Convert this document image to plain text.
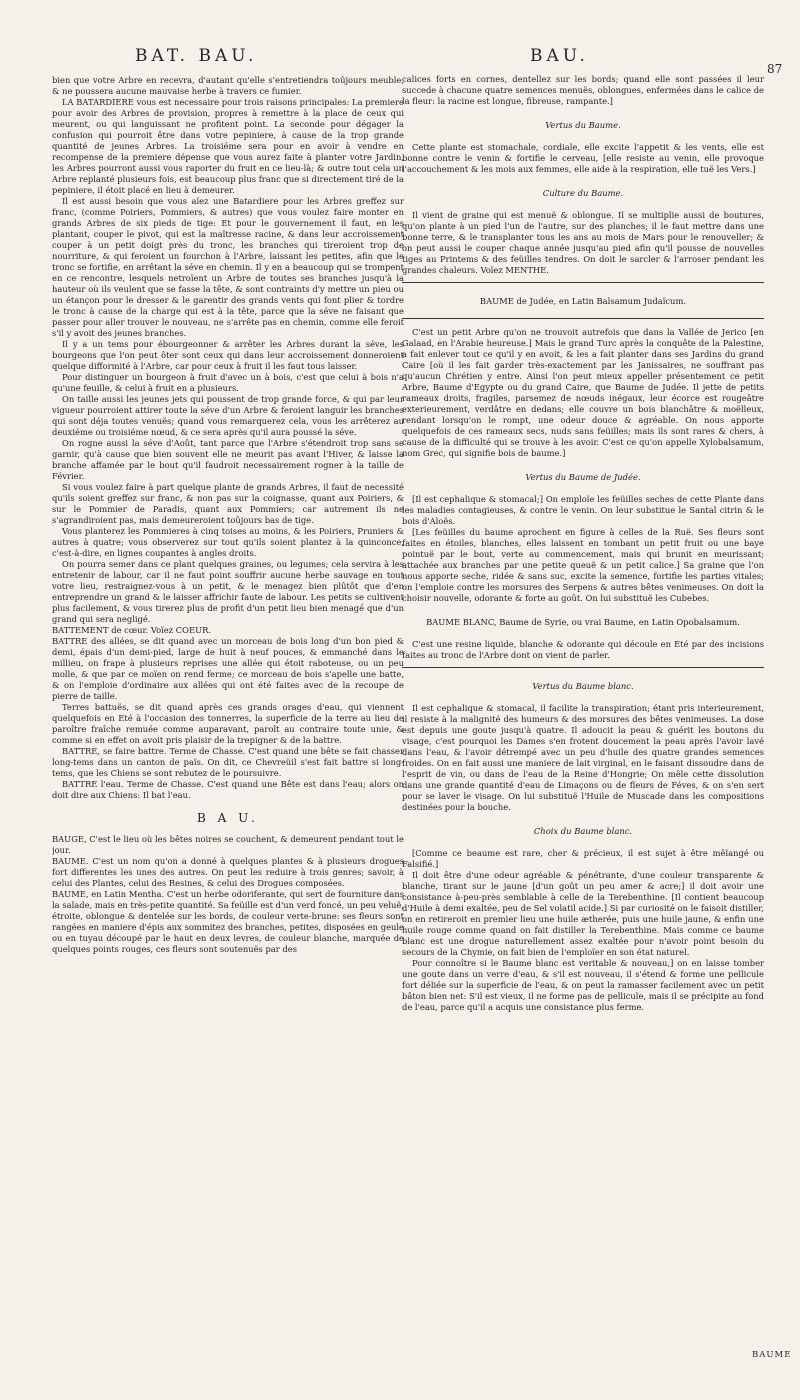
BAT. BAU.	BAU.
87

bien que votre Arbre en recevra, d'autant qu'elle s'entretiendra toûjours meuble, & ne poussera aucune mauvaise herbe à travers ce fumier.

LA BATARDIERE vous est necessaire pour trois raisons principales: La premiere pour avoir des Arbres de provision, propres à remettre à la place de ceux qui meurent, ou qui languissant ne profitent point. La seconde pour dégager la confusion qui pourroit être dans votre pepiniere, à cause de la trop grande quantité de jeunes Arbres. La troisiéme sera pour en avoir à vendre en recompense de la premiere dépense que vous aurez faite à planter votre Jardin, les Arbres pourront aussi vous raporter du fruit en ce lieu-là; & outre tout cela un Arbre replanté plusieurs fois, est beaucoup plus franc que si directement tiré de la pepiniere, il étoit placé en lieu à demeurer.

Il est aussi besoin que vous aïez une Batardiere pour les Arbres greffez sur franc, (comme Poiriers, Pommiers, & autres) que vous voulez faire monter en grands Arbres de six pieds de tige: Et pour le gouvernement il faut, en les plantant, couper le pivot, qui est la maîtresse racine, & dans leur accroissement couper à un petit doigt près du tronc, les branches qui tireroient trop de nourriture, & qui feroient un fourchon à l'Arbre, laissant les petites, afin que le tronc se fortifie, en arrêtant la séve en chemin. Il y en a beaucoup qui se trompent en ce rencontre, lesquels netroïent un Arbre de toutes ses branches jusqu'à la hauteur où ils veulent que se fasse la tête, & sont contraints d'y mettre un pieu ou un étançon pour le dresser & le garentir des grands vents qui font plier & tordre le tronc à cause de la charge qui est à la tête, parce que la séve ne faisant que passer pour aller trouver le nouveau, ne s'arrête pas en chemin, comme elle feroit s'il y avoit des jeunes branches.

Il y a un tems pour ébourgeonner & arrêter les Arbres durant la séve, les bourgeons que l'on peut ôter sont ceux qui dans leur accroissement donneroient quelque difformité à l'Arbre, car pour ceux à fruit il les faut tous laisser.

Pour distinguer un bourgeon à fruit d'avec un à bois, c'est que celui à bois n'a qu'une feuille, & celui à fruit en a plusieurs.

On taille aussi les jeunes jets qui poussent de trop grande force, & qui par leur vigueur pourroient attirer toute la séve d'un Arbre & feroient languir les branches qui sont déja toutes venuës; quand vous remarquerez cela, vous les arrêterez au deuxiéme ou troisiéme nœud, & ce sera après qu'il aura poussé la séve.

On rogne aussi la séve d'Août, tant parce que l'Arbre s'étendroit trop sans se garnir, qu'à cause que bien souvent elle ne meurit pas avant l'Hiver, & laisse la branche affamée par le bout qu'il faudroit necessairement rogner à la taille de Février.

Si vous voulez faire à part quelque plante de grands Arbres, il faut de necessité qu'ils soient greffez sur franc, & non pas sur la coignasse, quant aux Poiriers, & sur le Pommier de Paradis, quant aux Pommiers; car autrement ils ne s'agrandiroient pas, mais demeureroient toûjours bas de tige.

Vous planterez les Pommieres à cinq toises au moins, & les Poiriers, Pruniers & autres à quatre; vous observerez sur tout qu'ils soient plantez à la quinconce, c'est-à-dire, en lignes coupantes à angles droits.

On pourra semer dans ce plant quelques graines, ou legumes; cela servira à les entretenir de labour, car il ne faut point souffrir aucune herbe sauvage en tout votre lieu, restraignez-vous à un petit, & le menagez bien plûtôt que d'en entreprendre un grand & le laisser affrichir faute de labour. Les petits se cultivent plus facilement, & vous tirerez plus de profit d'un petit lieu bien menagé que d'un grand qui sera negligé.

BATTEMENT de cœur. Voïez COEUR.

BATTRE des allées, se dit quand avec un morceau de bois long d'un bon pied & demi, épais d'un demi-pied, large de huit à neuf pouces, & emmanché dans le millieu, on frape à plusieurs reprises une allée qui étoit raboteuse, ou un peu molle, & que par ce moïen on rend ferme; ce morceau de bois s'apelle une batte, & on l'emploie d'ordinaire aux allées qui ont été faites avec de la recoupe de pierre de taille.

Terres battuës, se dit quand après ces grands orages d'eau, qui viennent quelquefois en Eté à l'occasion des tonnerres, la superficie de la terre au lieu de paroître fraîche remuée comme auparavant, paroît au contraire toute unie, & comme si en effet on avoit pris plaisir de la trepigner & de la battre.

BATTRE, se faire battre. Terme de Chasse. C'est quand une bête se fait chasser long-tems dans un canton de païs. On dit, ce Chevreüil s'est fait battre si long-tems, que les Chiens se sont rebutez de le poursuivre.

BATTRE l'eau. Terme de Chasse. C'est quand une Bête est dans l'eau; alors on doit dire aux Chiens: Il bat l'eau.

B A U.

BAUGE, C'est le lieu où les bêtes noires se couchent, & demeurent pendant tout le jour.

BAUME. C'est un nom qu'on a donné à quelques plantes & à plusieurs drogues fort differentes les unes des autres. On peut les reduire à trois genres; savoir, à celui des Plantes, celui des Resines, & celui des Drogues composées.

BAUME, en Latin Mentha. C'est un herbe odoriferante, qui sert de fourniture dans la salade, mais en très-petite quantité. Sa feüille est d'un verd foncé, un peu veluë, étroite, oblongue & dentelée sur les bords, de couleur verte-brune: ses fleurs sont rangées en maniere d'épis aux sommitez des branches, petites, disposées en geule ou en tuyau découpé par le haut en deux levres, de couleur blanche, marquée de quelques points rouges, ces fleurs sont soutenuës par des

calices forts en cornes, dentellez sur les bords; quand elle sont passées il leur succede à chacune quatre semences menuës, oblongues, enfermées dans le calice de la fleur: la racine est longue, fibreuse, rampante.]

Vertus du Baume.

Cette plante est stomachale, cordiale, elle excite l'appetit & les vents, elle est bonne contre le venin & fortifie le cerveau, [elle resiste au venin, elle provoque l'accouchement & les mois aux femmes, elle aide à la respiration, elle tuë les Vers.]

Culture du Baume.

Il vient de graine qui est menuë & oblongue. Il se multiplie aussi de boutures, qu'on plante à un pied l'un de l'autre, sur des planches; il le faut mettre dans une bonne terre, & le transplanter tous les ans au mois de Mars pour le renouveller; & on peut aussi le couper chaque année jusqu'au pied afin qu'il pousse de nouvelles tiges au Printems & des feüilles tendres. On doit le sarcler & l'arroser pendant les grandes chaleurs. Voïez MENTHE.

BAUME de Judée, en Latin Balsamum Judaïcum.

C'est un petit Arbre qu'on ne trouvoit autrefois que dans la Vallée de Jerico [en Galaad, en l'Arabie heureuse.] Mais le grand Turc après la conquête de la Palestine, a fait enlever tout ce qu'il y en avoit, & les a fait planter dans ses Jardins du grand Caire [où il les fait garder très-exactement par les Janissaires, ne souffrant pas qu'aucun Chrétien y entre. Ainsi l'on peut mieux appeller présentement ce petit Arbre, Baume d'Egypte ou du grand Caire, que Baume de Judée. Il jette de petits rameaux droits, fragiles, parsemez de nœuds inégaux, leur écorce est rougeâtre exterieurement, verdâtre en dedans; elle couvre un bois blanchâtre & moëlleux, rendant lorsqu'on le rompt, une odeur douce & agréable. On nous apporte quelquefois de ces rameaux secs, nuds sans feüilles; mais ils sont rares & chers, à cause de la difficulté qui se trouve à les avoir. C'est ce qu'on appelle Xylobalsamum, nom Grec, qui signifie bois de baume.]

Vertus du Baume de Judée.

[Il est cephalique & stomacal;] On emploïe les feüilles seches de cette Plante dans les maladies contagieuses, & contre le venin. On leur substitue le Santal citrin & le bois d'Aloës.

[Les feüilles du baume aprochent en figure à celles de la Ruë. Ses fleurs sont faites en étoiles, blanches, elles laissent en tombant un petit fruit ou une baye pointuë par le bout, verte au commencement, mais qui brunit en meurissant; attachée aux branches par une petite queuë & un petit calice.] Sa graine que l'on nous apporte seche, ridée & sans suc, excite la semence, fortifie les parties vitales; on l'emploie contre les morsures des Serpens & autres bêtes venimeuses. On doit la choisir nouvelle, odorante & forte au goût. On lui substituë les Cubebes.

BAUME BLANC, Baume de Syrie, ou vrai Baume, en Latin Opobalsamum.

C'est une resine liquide, blanche & odorante qui découle en Eté par des incisions faites au tronc de l'Arbre dont on vient de parler.

Vertus du Baume blanc.

Il est cephalique & stomacal, il facilite la transpiration; étant pris interieurement, il resiste à la malignité des humeurs & des morsures des bêtes venimeuses. La dose est depuis une goute jusqu'à quatre. Il adoucit la peau & guérit les boutons du visage, c'est pourquoi les Dames s'en frotent doucement la peau après l'avoir lavé dans l'eau, & l'avoir détrempé avec un peu d'huile des quatre grandes semences froides. On en fait aussi une maniere de lait virginal, en le faisant dissoudre dans de l'esprit de vin, ou dans de l'eau de la Reine d'Hongrie; On mêle cette dissolution dans une grande quantité d'eau de Limaçons ou de fleurs de Féves, & on s'en sert pour se laver le visage. On lui substituë l'Huile de Muscade dans les compositions destinées pour la bouche.

Choix du Baume blanc.

[Comme ce beaume est rare, cher & précieux, il est sujet à être mêlangé ou Falsifié.]

Il doit être d'une odeur agréable & pénétrante, d'une couleur transparente & blanche, tirant sur le jaune [d'un goût un peu amer & acre;] il doit avoir une consistance à-peu-près semblable à celle de la Terebenthine. [Il contient beaucoup d'Huile à demi exaltée, peu de Sel volatil acide.] Si par curiosité on le faisoit distiller, on en retireroit en premier lieu une huile ætherée, puis une huile jaune, & enfin une huile rouge comme quand on fait distiller la Terebenthine. Mais comme ce baume blanc est une drogue naturellement assez exaltée pour n'avoir point besoin du secours de la Chymie, on fait bien de l'emploïer en son état naturel.

Pour connoître si le Baume blanc est veritable & nouveau,] on en laisse tomber une goute dans un verre d'eau, & s'il est nouveau, il s'étend & forme une pellicule fort déliée sur la superficie de l'eau, & on peut la ramasser facilement avec un petit bâton bien net: S'il est vieux, il ne forme pas de pellicule, mais il se précipite au fond de l'eau, parce qu'il a acquis une consistance plus ferme.

BAUME
